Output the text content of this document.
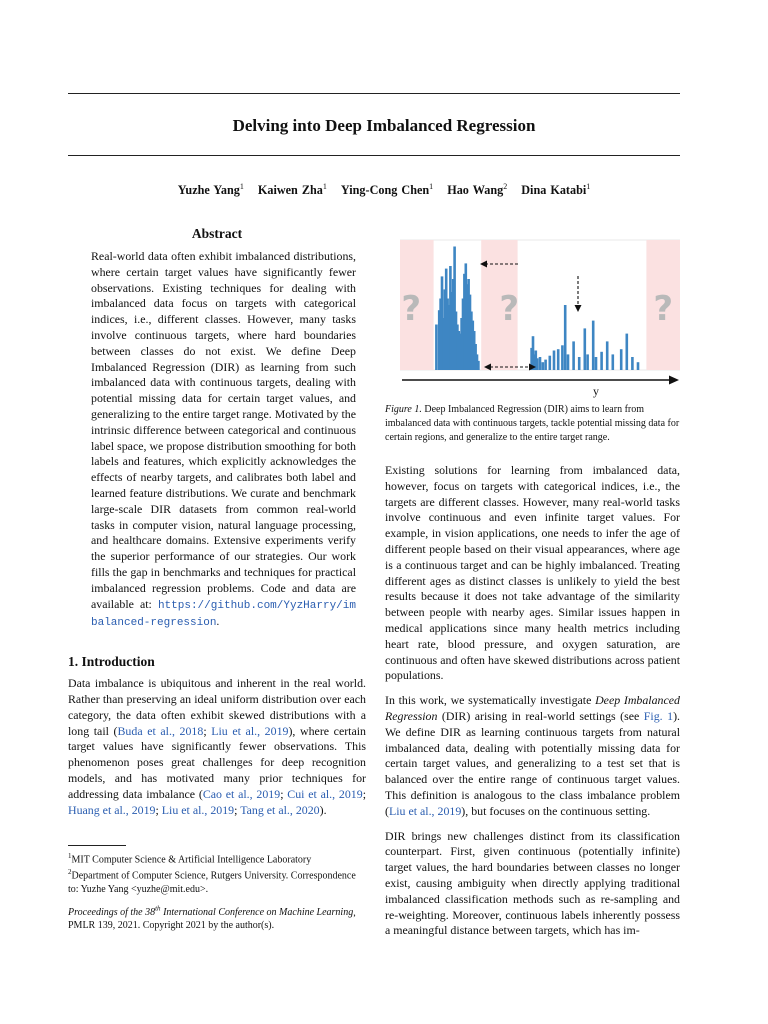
Delving into Deep Imbalanced Regression
Yuzhe Yang$^1$ Kaiwen Zha$^1$ Ying-Cong Chen$^1$ Hao Wang$^2$ Dina Katabi$^1$
Abstract
Real-world data often exhibit imbalanced distributions, where certain target values have significantly fewer observations. Existing techniques for dealing with imbalanced data focus on targets with categorical indices, i.e., different classes. However, many tasks involve continuous targets, where hard boundaries between classes do not exist. We define Deep Imbalanced Regression (DIR) as learning from such imbalanced data with continuous targets, dealing with potential missing data for certain target values, and generalizing to the entire target range. Motivated by the intrinsic difference between categorical and continuous label space, we propose distribution smoothing for both labels and features, which explicitly acknowledges the effects of nearby targets, and calibrates both label and learned feature distributions. We curate and benchmark large-scale DIR datasets from common real-world tasks in computer vision, natural language processing, and healthcare domains. Extensive experiments verify the superior performance of our strategies. Our work fills the gap in benchmarks and techniques for practical imbalanced regression problems. Code and data are available at: https://github.com/YyzHarry/imbalanced-regression.
1. Introduction
Data imbalance is ubiquitous and inherent in the real world. Rather than preserving an ideal uniform distribution over each category, the data often exhibit skewed distributions with a long tail (Buda et al., 2018; Liu et al., 2019), where certain target values have significantly fewer observations. This phenomenon poses great challenges for deep recognition models, and has motivated many prior techniques for addressing data imbalance (Cao et al., 2019; Cui et al., 2019; Huang et al., 2019; Liu et al., 2019; Tang et al., 2020).

$^1$MIT Computer Science & Artificial Intelligence Laboratory

$^2$Department of Computer Science, Rutgers University. Correspondence to: Yuzhe Yang <yuzhe@mit.edu>.

Proceedings of the 38th International Conference on Machine Learning, PMLR 139, 2021. Copyright 2021 by the author(s).
? ?	?
y
Figure 1. Deep Imbalanced Regression (DIR) aims to learn from imbalanced data with continuous targets, tackle potential missing data for certain regions, and generalize to the entire target range.

Existing solutions for learning from imbalanced data, however, focus on targets with categorical indices, i.e., the targets are different classes. However, many real-world tasks involve continuous and even infinite target values. For example, in vision applications, one needs to infer the age of different people based on their visual appearances, where age is a continuous target and can be highly imbalanced. Treating different ages as distinct classes is unlikely to yield the best results because it does not take advantage of the similarity between people with nearby ages. Similar issues happen in medical applications since many health metrics including heart rate, blood pressure, and oxygen saturation, are continuous and often have skewed distributions across patient populations.

In this work, we systematically investigate Deep Imbalanced Regression (DIR) arising in real-world settings (see Fig. 1). We define DIR as learning continuous targets from natural imbalanced data, dealing with potentially missing data for certain target values, and generalizing to a test set that is balanced over the entire range of continuous target values. This definition is analogous to the class imbalance problem (Liu et al., 2019), but focuses on the continuous setting.

DIR brings new challenges distinct from its classification counterpart. First, given continuous (potentially infinite) target values, the hard boundaries between classes no longer exist, causing ambiguity when directly applying traditional imbalanced classification methods such as re-sampling and re-weighting. Moreover, continuous labels inherently possess a meaningful distance between targets, which has im-
